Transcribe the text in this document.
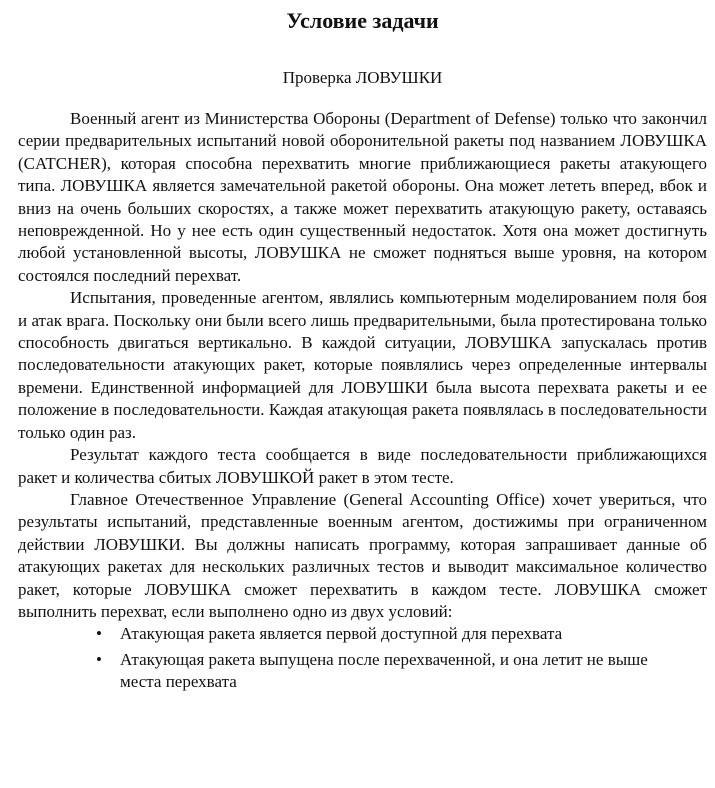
Условие задачи
Проверка ЛОВУШКИ

Военный агент из Министерства Обороны (Department of Defense) только что закончил серии предварительных испытаний новой оборонительной ракеты под названием ЛОВУШКА (CATCHER), которая способна перехватить многие приближающиеся ракеты атакующего типа. ЛОВУШКА является замечательной ракетой обороны. Она может лететь вперед, вбок и вниз на очень больших скоростях, а также может перехватить атакующую ракету, оставаясь неповрежденной. Но у нее есть один существенный недостаток. Хотя она может достигнуть любой установленной высоты, ЛОВУШКА не сможет подняться выше уровня, на котором состоялся последний перехват.

Испытания, проведенные агентом, являлись компьютерным моделированием поля боя и атак врага. Поскольку они были всего лишь предварительными, была протестирована только способность двигаться вертикально. В каждой ситуации, ЛОВУШКА запускалась против последовательности атакующих ракет, которые появлялись через определенные интервалы времени. Единственной информацией для ЛОВУШКИ была высота перехвата ракеты и ее положение в последовательности. Каждая атакующая ракета появлялась в последовательности только один раз.

Результат каждого теста сообщается в виде последовательности приближающихся ракет и количества сбитых ЛОВУШКОЙ ракет в этом тесте.

Главное Отечественное Управление (General Accounting Office) хочет увериться, что результаты испытаний, представленные военным агентом, достижимы при ограниченном действии ЛОВУШКИ. Вы должны написать программу, которая запрашивает данные об атакующих ракетах для нескольких различных тестов и выводит максимальное количество ракет, которые ЛОВУШКА сможет перехватить в каждом тесте. ЛОВУШКА сможет выполнить перехват, если выполнено одно из двух условий:

• Атакующая ракета является первой доступной для перехвата
• Атакующая ракета выпущена после перехваченной, и она летит не выше места перехвата
